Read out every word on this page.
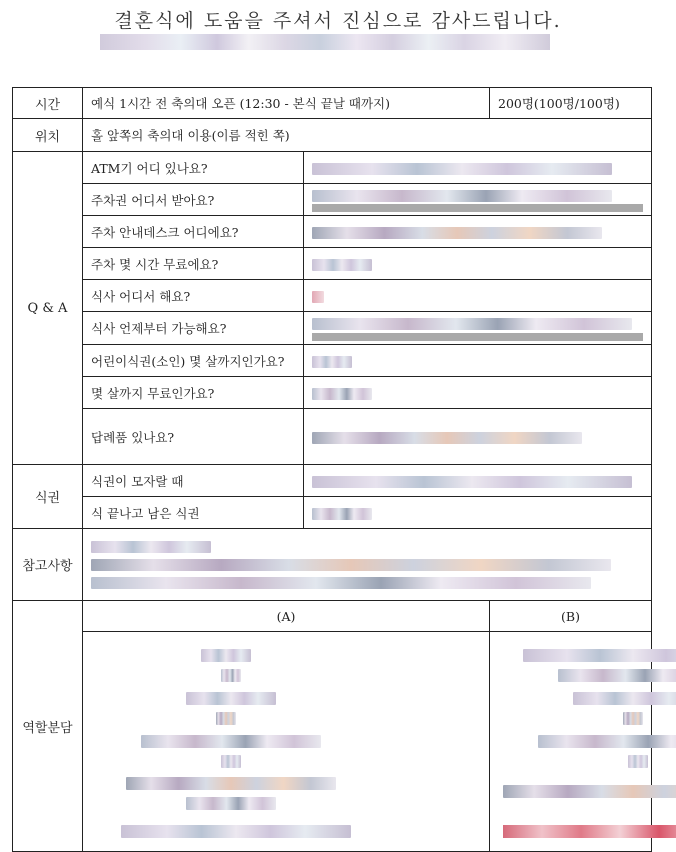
결혼식에 도움을 주셔서 진심으로 감사드립니다.
시간	예식 1시간 전 축의대 오픈 (12:30 - 본식 끝날 때까지)		200명(100명/100명)
위치	홀 앞쪽의 축의대 이용(이름 적힌 쪽)		
Q & A	ATM기 어디 있나요?		
	주차권 어디서 받아요?		

	주차 안내데스크 어디에요?		
	주차 몇 시간 무료에요?		
	식사 어디서 해요?		
	식사 언제부터 가능해요?		

	어린이식권(소인) 몇 살까지인가요?		
	몇 살까지 무료인가요?		
	답례품 있나요?		
식권	식권이 모자랄 때		
	식 끝나고 남은 식권		
참고사항			

역할분담	(A)		(B)
